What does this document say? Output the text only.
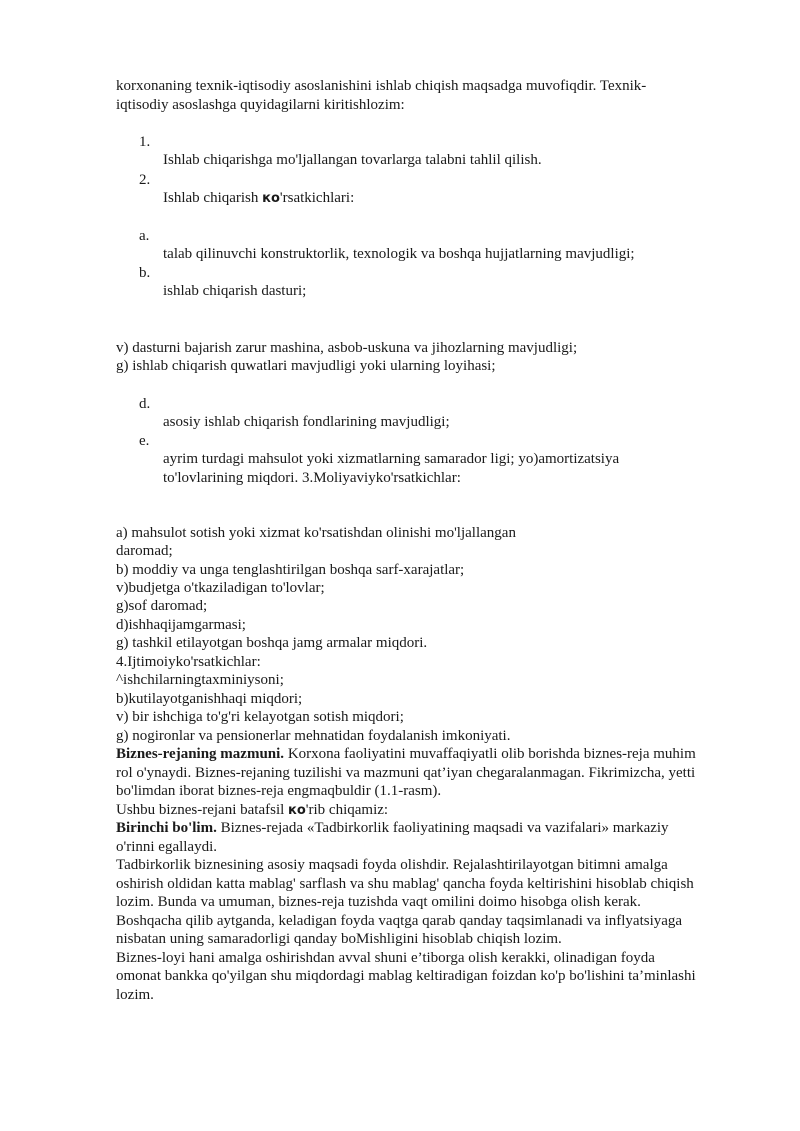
korxonaning texnik-iqtisodiy asoslanishini ishlab chiqish maqsadga muvofiqdir. Texnik-
iqtisodiy asoslashga quyidagilarni kiritishlozim:
1.
Ishlab chiqarishga mo'ljallangan tovarlarga talabni tahlil qilish.
2.
Ishlab chiqarish ко'rsatkichlari:
a.
talab qilinuvchi konstruktorlik, texnologik va boshqa hujjatlarning mavjudligi;
b.
ishlab chiqarish dasturi;
v) dasturni bajarish zarur mashina, asbob-uskuna va jihozlarning mavjudligi;
g) ishlab chiqarish quwatlari mavjudligi yoki ularning loyihasi;
d.
asosiy ishlab chiqarish fondlarining mavjudligi;
e.
ayrim turdagi mahsulot yoki xizmatlarning samarador ligi; yo)amortizatsiya
to'lovlarining miqdori. 3.Moliyaviyko'rsatkichlar:
a) mahsulot sotish yoki xizmat ko'rsatishdan olinishi mo'ljallangan
daromad;
b) moddiy va unga tenglashtirilgan boshqa sarf-xarajatlar;
v)budjetga o'tkaziladigan to'lovlar;
g)sof daromad;
d)ishhaqijamgarmasi;
g) tashkil etilayotgan boshqa jamg armalar miqdori.
4.Ijtimoiyko'rsatkichlar:
^ishchilarningtaxminiysoni;
b)kutilayotganishhaqi miqdori;
v) bir ishchiga to'g'ri kelayotgan sotish miqdori;
g) nogironlar va pensionerlar mehnatidan foydalanish imkoniyati.
Biznes-rejaning mazmuni. Korxona faoliyatini muvaffaqiyatli olib borishda biznes-reja muhim
rol o'ynaydi. Biznes-rejaning tuzilishi va mazmuni qat’iyan chegaralanmagan. Fikrimizcha, yetti
bo'limdan iborat biznes-reja engmaqbuldir (1.1-rasm).
Ushbu biznes-rejani batafsil ко'rib chiqamiz:
Birinchi bo'lim. Biznes-rejada «Tadbirkorlik faoliyatining maqsadi va vazifalari» markaziy
o'rinni egallaydi.
Tadbirkorlik biznesining asosiy maqsadi foyda olishdir. Rejalashtirilayotgan bitimni amalga
oshirish oldidan katta mablag' sarflash va shu mablag' qancha foyda keltirishini hisoblab chiqish
lozim. Bunda va umuman, biznes-reja tuzishda vaqt omilini doimo hisobga olish kerak.
Boshqacha qilib aytganda, keladigan foyda vaqtga qarab qanday taqsimlanadi va inflyatsiyaga
nisbatan uning samaradorligi qanday boMishligini hisoblab chiqish lozim.
Biznes-loyi hani amalga oshirishdan avval shuni e’tiborga olish kerakki, olinadigan foyda
omonat bankka qo'yilgan shu miqdordagi mablag keltiradigan foizdan ko'p bo'lishini ta’minlashi
lozim.
